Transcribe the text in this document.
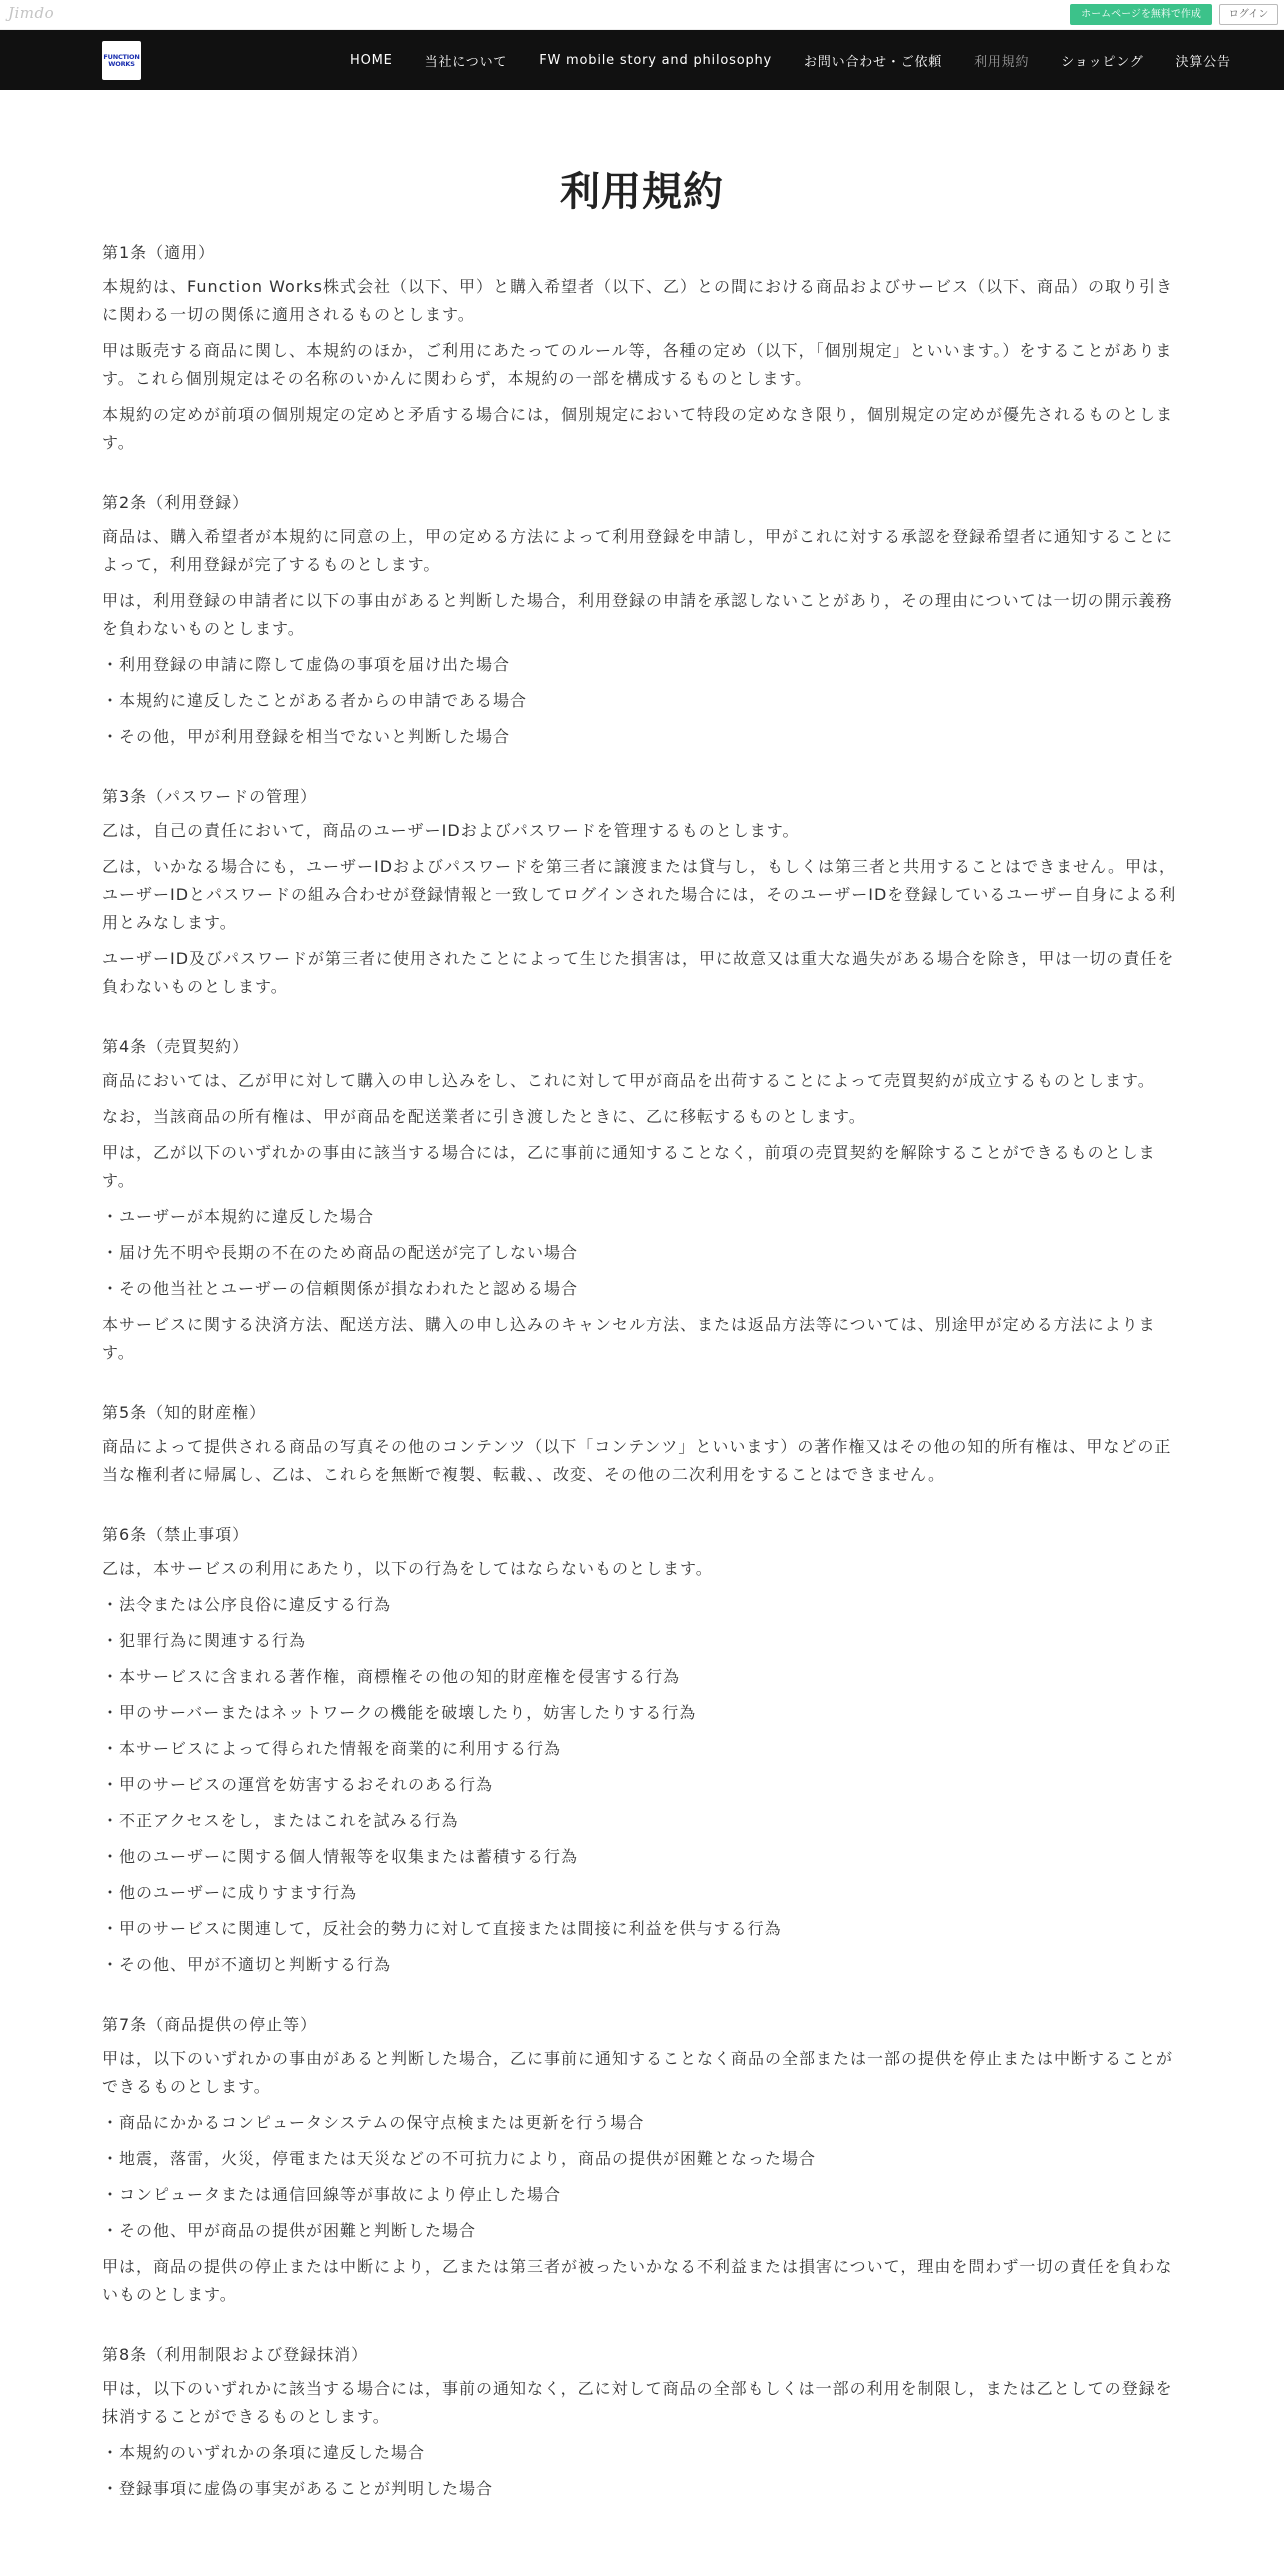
Jimdo	ホームページを無料で作成	ログイン
FUNCTION
WORKS	HOME 当社について FW mobile story and philosophy お問い合わせ・ご依頼 利用規約 ショッピング 決算公告
利用規約

第1条（適用）

本規約は、Function Works株式会社（以下、甲）と購入希望者（以下、乙）との間における商品およびサービス（以下、商品）の取り引きに関わる一切の関係に適用されるものとします。

甲は販売する商品に関し、本規約のほか，ご利用にあたってのルール等，各種の定め（以下，「個別規定」といいます。）をすることがあります。これら個別規定はその名称のいかんに関わらず，本規約の一部を構成するものとします。

本規約の定めが前項の個別規定の定めと矛盾する場合には，個別規定において特段の定めなき限り，個別規定の定めが優先されるものとします。

第2条（利用登録）

商品は、購入希望者が本規約に同意の上，甲の定める方法によって利用登録を申請し，甲がこれに対する承認を登録希望者に通知することによって，利用登録が完了するものとします。

甲は，利用登録の申請者に以下の事由があると判断した場合，利用登録の申請を承認しないことがあり，その理由については一切の開示義務を負わないものとします。

・利用登録の申請に際して虚偽の事項を届け出た場合

・本規約に違反したことがある者からの申請である場合

・その他，甲が利用登録を相当でないと判断した場合

第3条（パスワードの管理）

乙は，自己の責任において，商品のユーザーIDおよびパスワードを管理するものとします。

乙は，いかなる場合にも，ユーザーIDおよびパスワードを第三者に譲渡または貸与し，もしくは第三者と共用することはできません。甲は，ユーザーIDとパスワードの組み合わせが登録情報と一致してログインされた場合には，そのユーザーIDを登録しているユーザー自身による利用とみなします。

ユーザーID及びパスワードが第三者に使用されたことによって生じた損害は，甲に故意又は重大な過失がある場合を除き，甲は一切の責任を負わないものとします。

第4条（売買契約）

商品においては、乙が甲に対して購入の申し込みをし、これに対して甲が商品を出荷することによって売買契約が成立するものとします。

なお，当該商品の所有権は、甲が商品を配送業者に引き渡したときに、乙に移転するものとします。

甲は，乙が以下のいずれかの事由に該当する場合には，乙に事前に通知することなく，前項の売買契約を解除することができるものとします。

・ユーザーが本規約に違反した場合

・届け先不明や長期の不在のため商品の配送が完了しない場合

・その他当社とユーザーの信頼関係が損なわれたと認める場合

本サービスに関する決済方法、配送方法、購入の申し込みのキャンセル方法、または返品方法等については、別途甲が定める方法によります。

第5条（知的財産権）

商品によって提供される商品の写真その他のコンテンツ（以下「コンテンツ」といいます）の著作権又はその他の知的所有権は、甲などの正当な権利者に帰属し、乙は、これらを無断で複製、転載、、改変、その他の二次利用をすることはできません。

第6条（禁止事項）

乙は，本サービスの利用にあたり，以下の行為をしてはならないものとします。

・法令または公序良俗に違反する行為

・犯罪行為に関連する行為

・本サービスに含まれる著作権，商標権その他の知的財産権を侵害する行為

・甲のサーバーまたはネットワークの機能を破壊したり，妨害したりする行為

・本サービスによって得られた情報を商業的に利用する行為

・甲のサービスの運営を妨害するおそれのある行為

・不正アクセスをし，またはこれを試みる行為

・他のユーザーに関する個人情報等を収集または蓄積する行為

・他のユーザーに成りすます行為

・甲のサービスに関連して，反社会的勢力に対して直接または間接に利益を供与する行為

・その他、甲が不適切と判断する行為

第7条（商品提供の停止等）

甲は，以下のいずれかの事由があると判断した場合，乙に事前に通知することなく商品の全部または一部の提供を停止または中断することができるものとします。

・商品にかかるコンピュータシステムの保守点検または更新を行う場合

・地震，落雷，火災，停電または天災などの不可抗力により，商品の提供が困難となった場合

・コンピュータまたは通信回線等が事故により停止した場合

・その他、甲が商品の提供が困難と判断した場合

甲は，商品の提供の停止または中断により，乙または第三者が被ったいかなる不利益または損害について，理由を問わず一切の責任を負わないものとします。

第8条（利用制限および登録抹消）

甲は，以下のいずれかに該当する場合には，事前の通知なく，乙に対して商品の全部もしくは一部の利用を制限し，または乙としての登録を抹消することができるものとします。

・本規約のいずれかの条項に違反した場合

・登録事項に虚偽の事実があることが判明した場合
